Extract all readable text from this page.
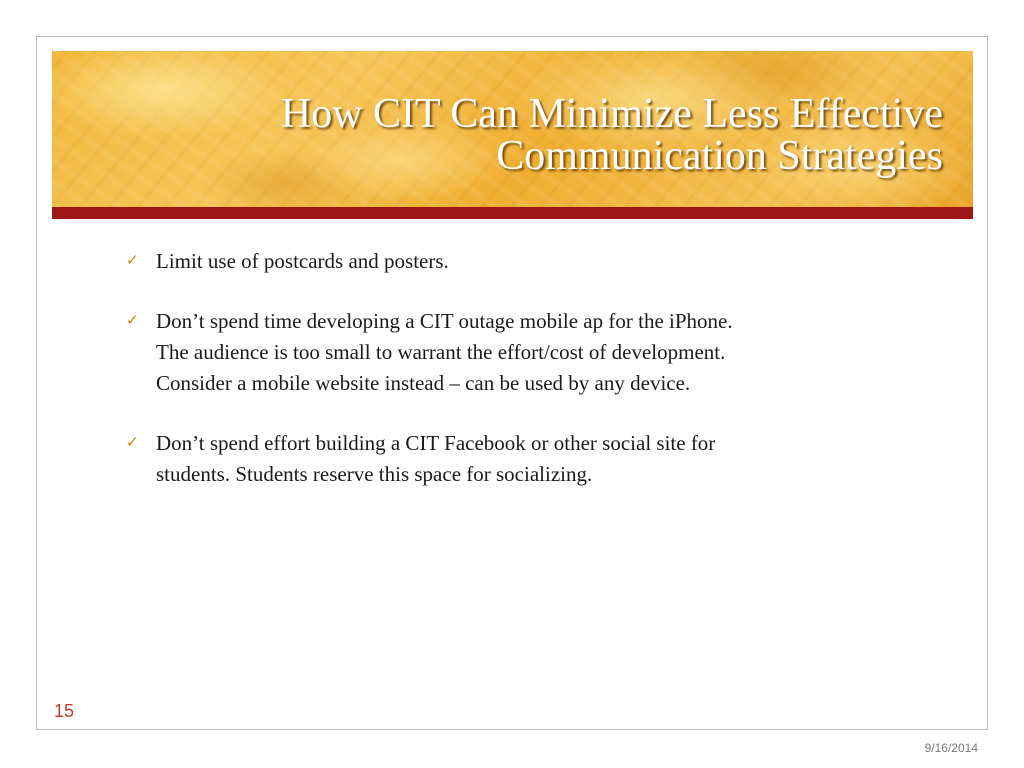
How CIT Can Minimize Less Effective
Communication Strategies
✓ Limit use of postcards and posters.
✓ Don’t spend time developing a CIT outage mobile ap for the iPhone.
The audience is too small to warrant the effort/cost of development.
Consider a mobile website instead – can be used by any device.
✓ Don’t spend effort building a CIT Facebook or other social site for
students. Students reserve this space for socializing.
15
9/16/2014
